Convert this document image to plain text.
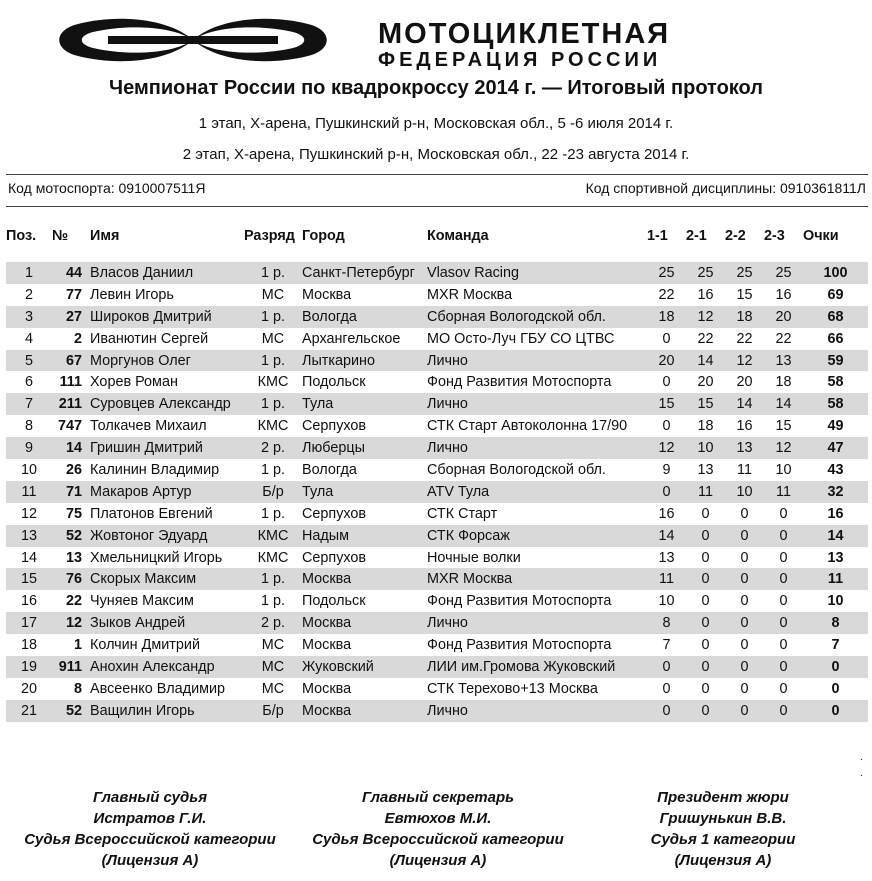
МОТОЦИКЛЕТНАЯ
ФЕДЕРАЦИЯ РОССИИ
Чемпионат России по квадрокроссу 2014 г. — Итоговый протокол
1 этап, Х-арена, Пушкинский р-н, Московская обл., 5 -6 июля 2014 г.
2 этап, Х-арена, Пушкинский р-н, Московская обл., 22 -23 августа 2014 г.
Код мотоспорта: 0910007511Я	Код спортивной дисциплины: 0910361811Л
Поз.	№	Имя	Разряд	Город	Команда	1-1	2-1	2-2	2-3	Очки

1	44	Власов Даниил	1 р.	Санкт-Петербург	Vlasov Racing	25	25	25	25	100
2	77	Левин Игорь	МС	Москва	MXR Москва	22	16	15	16	69
3	27	Широков Дмитрий	1 р.	Вологда	Сборная Вологодской обл.	18	12	18	20	68
4	2	Иванютин Сергей	МС	Архангельское	МО Осто-Луч ГБУ СО ЦТВС	0	22	22	22	66
5	67	Моргунов Олег	1 р.	Лыткарино	Лично	20	14	12	13	59
6	111	Хорев Роман	КМС	Подольск	Фонд Развития Мотоспорта	0	20	20	18	58
7	211	Суровцев Александр	1 р.	Тула	Лично	15	15	14	14	58
8	747	Толкачев Михаил	КМС	Серпухов	СТК Старт Автоколонна 17/90	0	18	16	15	49
9	14	Гришин Дмитрий	2 р.	Люберцы	Лично	12	10	13	12	47
10	26	Калинин Владимир	1 р.	Вологда	Сборная Вологодской обл.	9	13	11	10	43
11	71	Макаров Артур	Б/р	Тула	ATV Тула	0	11	10	11	32
12	75	Платонов Евгений	1 р.	Серпухов	СТК Старт	16	0	0	0	16
13	52	Жовтоног Эдуард	КМС	Надым	СТК Форсаж	14	0	0	0	14
14	13	Хмельницкий Игорь	КМС	Серпухов	Ночные волки	13	0	0	0	13
15	76	Скорых Максим	1 р.	Москва	MXR Москва	11	0	0	0	11
16	22	Чуняев Максим	1 р.	Подольск	Фонд Развития Мотоспорта	10	0	0	0	10
17	12	Зыков Андрей	2 р.	Москва	Лично	8	0	0	0	8
18	1	Колчин Дмитрий	МС	Москва	Фонд Развития Мотоспорта	7	0	0	0	7
19	911	Анохин Александр	МС	Жуковский	ЛИИ им.Громова Жуковский	0	0	0	0	0
20	8	Авсеенко Владимир	МС	Москва	СТК Терехово+13 Москва	0	0	0	0	0
21	52	Ващилин Игорь	Б/р	Москва	Лично	0	0	0	0	0
.
.
Главный судья
Истратов Г.И.
Судья Всероссийской категории
(Лицензия А)
Главный секретарь
Евтюхов М.И.
Судья Всероссийской категории
(Лицензия А)
Президент жюри
Гришунькин В.В.
Судья 1 категории
(Лицензия А)
